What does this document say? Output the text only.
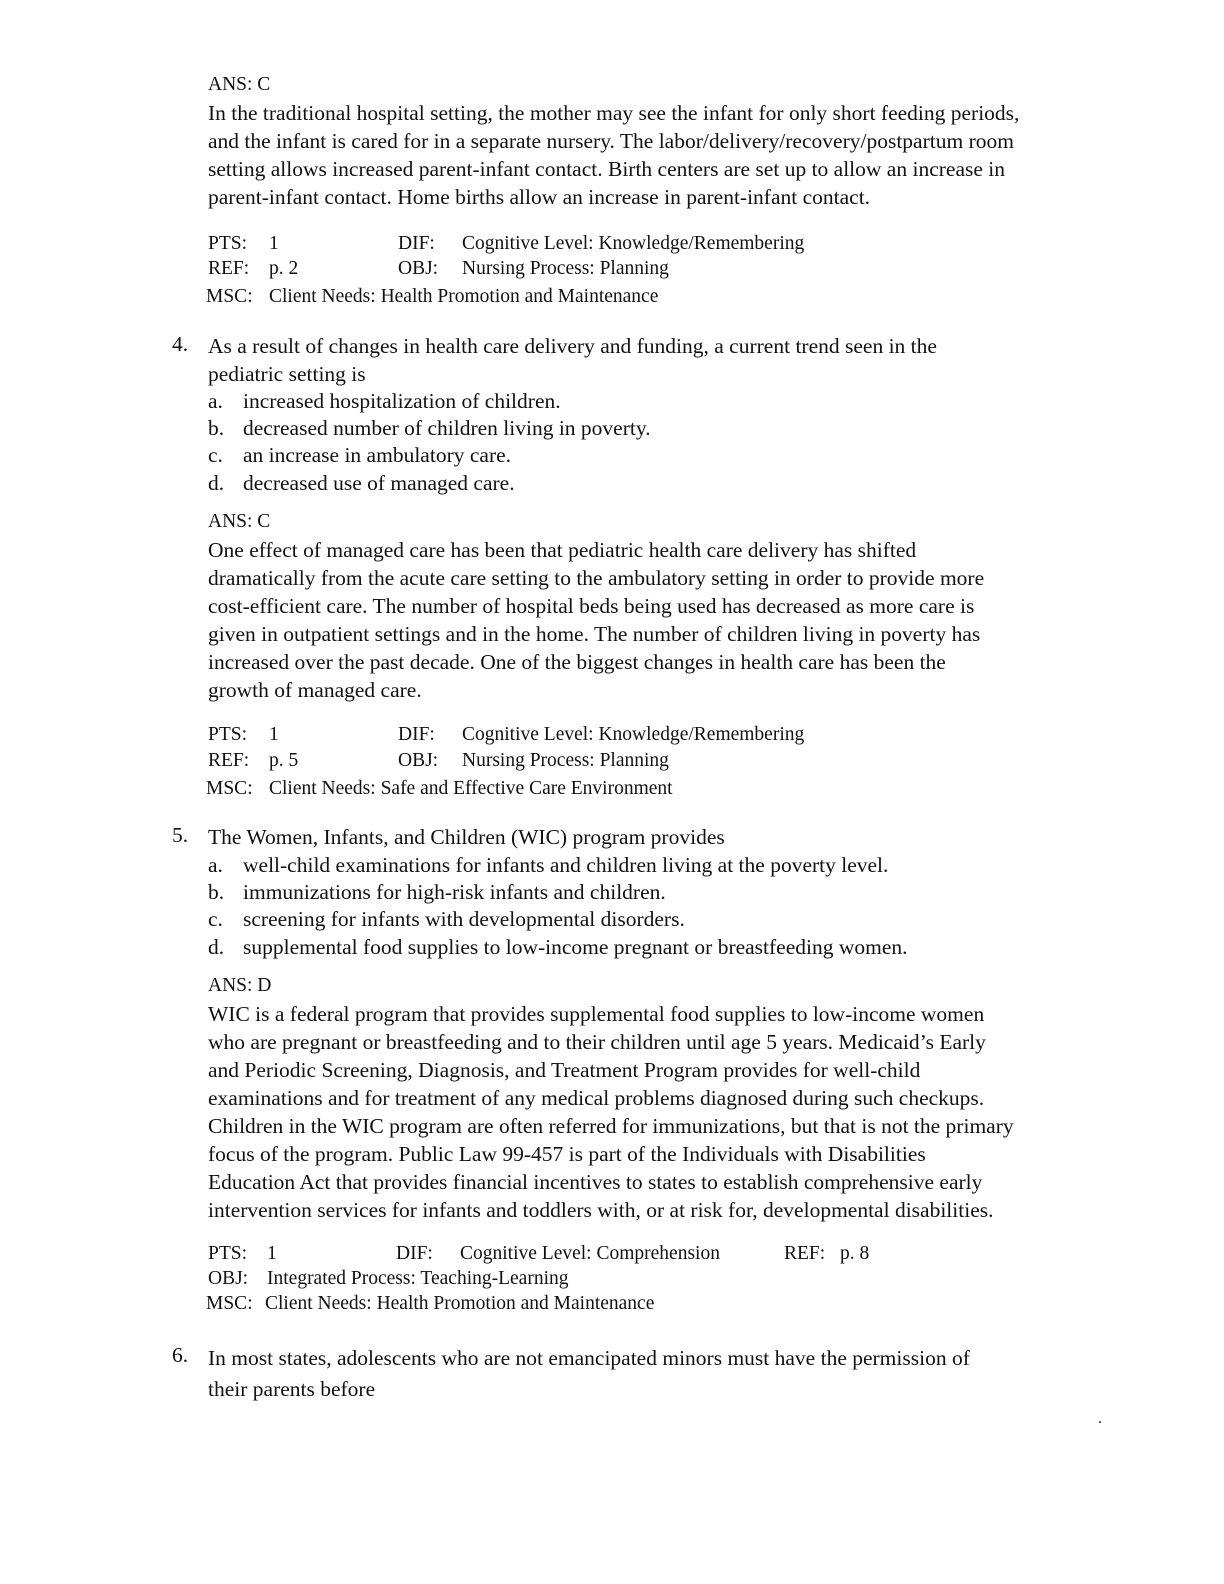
ANS: C
In the traditional hospital setting, the mother may see the infant for only short feeding periods,
and the infant is cared for in a separate nursery. The labor/delivery/recovery/postpartum room
setting allows increased parent-infant contact. Birth centers are set up to allow an increase in
parent-infant contact. Home births allow an increase in parent-infant contact.
PTS: 1	DIF: Cognitive Level: Knowledge/Remembering
REF: p. 2	OBJ: Nursing Process: Planning
MSC: Client Needs: Health Promotion and Maintenance
4. As a result of changes in health care delivery and funding, a current trend seen in the
pediatric setting is
a. increased hospitalization of children.
b. decreased number of children living in poverty.
c. an increase in ambulatory care.
d. decreased use of managed care.
ANS: C
One effect of managed care has been that pediatric health care delivery has shifted
dramatically from the acute care setting to the ambulatory setting in order to provide more
cost-efficient care. The number of hospital beds being used has decreased as more care is
given in outpatient settings and in the home. The number of children living in poverty has
increased over the past decade. One of the biggest changes in health care has been the
growth of managed care.
PTS: 1	DIF: Cognitive Level: Knowledge/Remembering
REF: p. 5	OBJ: Nursing Process: Planning
MSC: Client Needs: Safe and Effective Care Environment
5. The Women, Infants, and Children (WIC) program provides
a. well-child examinations for infants and children living at the poverty level.
b. immunizations for high-risk infants and children.
c. screening for infants with developmental disorders.
d. supplemental food supplies to low-income pregnant or breastfeeding women.
ANS: D
WIC is a federal program that provides supplemental food supplies to low-income women
who are pregnant or breastfeeding and to their children until age 5 years. Medicaid’s Early
and Periodic Screening, Diagnosis, and Treatment Program provides for well-child
examinations and for treatment of any medical problems diagnosed during such checkups.
Children in the WIC program are often referred for immunizations, but that is not the primary
focus of the program. Public Law 99-457 is part of the Individuals with Disabilities
Education Act that provides financial incentives to states to establish comprehensive early
intervention services for infants and toddlers with, or at risk for, developmental disabilities.
PTS: 1	DIF: Cognitive Level: Comprehension	REF: p. 8
OBJ: Integrated Process: Teaching-Learning
MSC: Client Needs: Health Promotion and Maintenance
6. In most states, adolescents who are not emancipated minors must have the permission of
their parents before
.
